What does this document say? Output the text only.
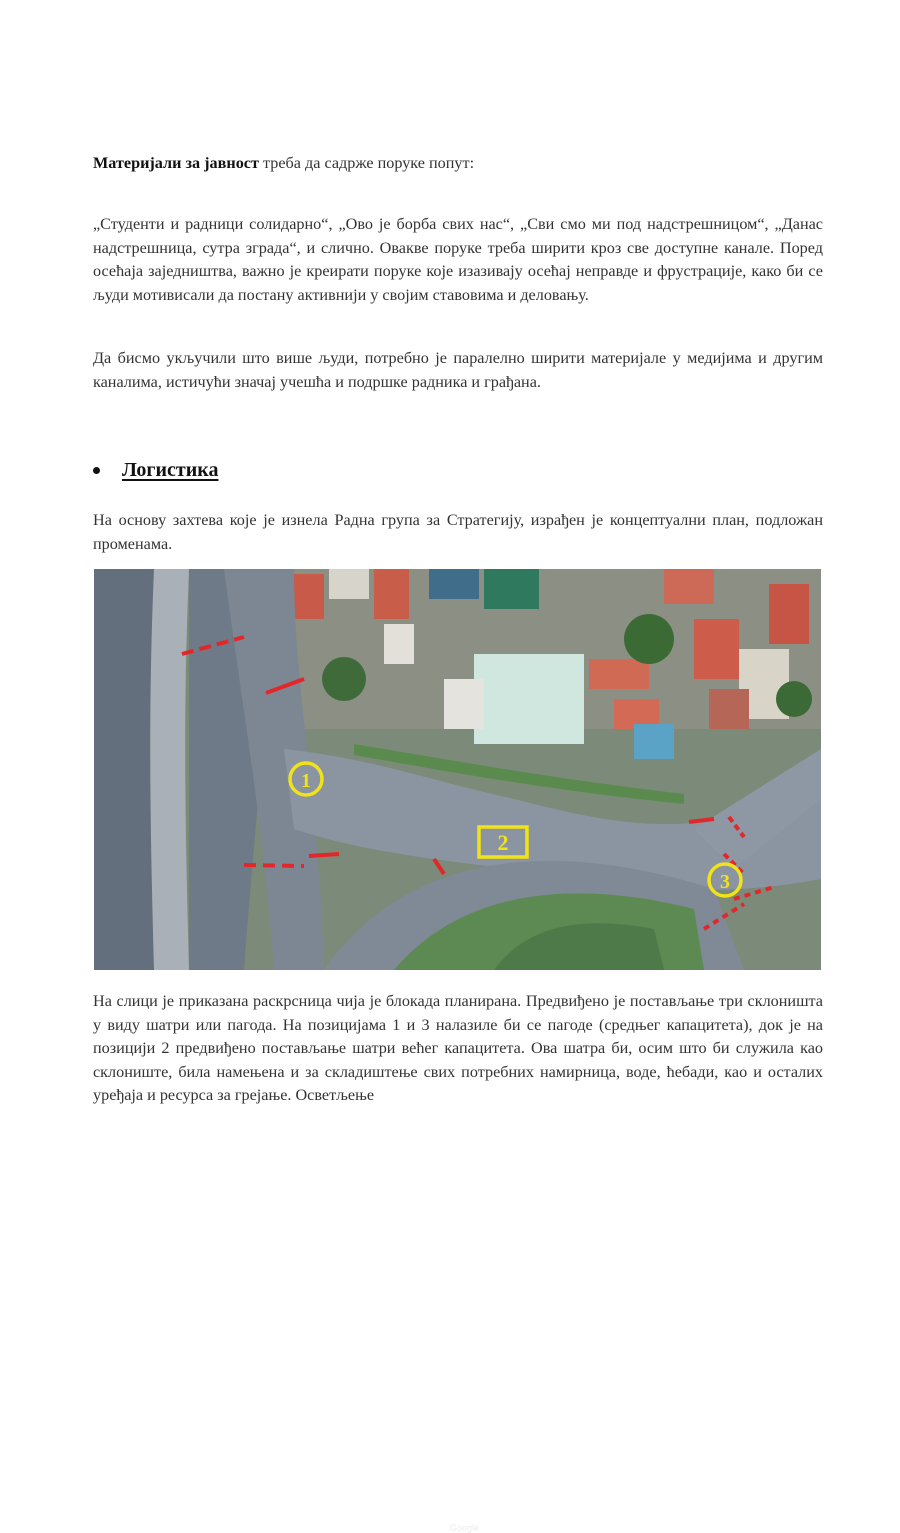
Материјали за јавност треба да садрже поруке попут:

„Студенти и радници солидарно“, „Ово је борба свих нас“, „Сви смо ми под надстрешницом“, „Данас надстрешница, сутра зграда“, и слично. Овакве поруке треба ширити кроз све доступне канале. Поред осећаја заједништва, важно је креирати поруке које изазивају осећај неправде и фрустрације, како би се људи мотивисали да постану активнији у својим ставовима и деловању.

Да бисмо укључили што више људи, потребно је паралелно ширити материјале у медијима и другим каналима, истичући значај учешћа и подршке радника и грађана.

Логистика

На основу захтева које је изнела Радна група за Стратегију, израђен је концептуални план, подложан променама.

1
2
3
Google

На слици је приказана раскрсница чија је блокада планирана. Предвиђено је постављање три склоништа у виду шатри или пагода. На позицијама 1 и 3 налазиле би се пагоде (средњег капацитета), док је на позицији 2 предвиђено постављање шатри већег капацитета. Ова шатра би, осим што би служила као склониште, била намењена и за складиштење свих потребних намирница, воде, ћебади, као и осталих уређаја и ресурса за грејање. Осветљење
